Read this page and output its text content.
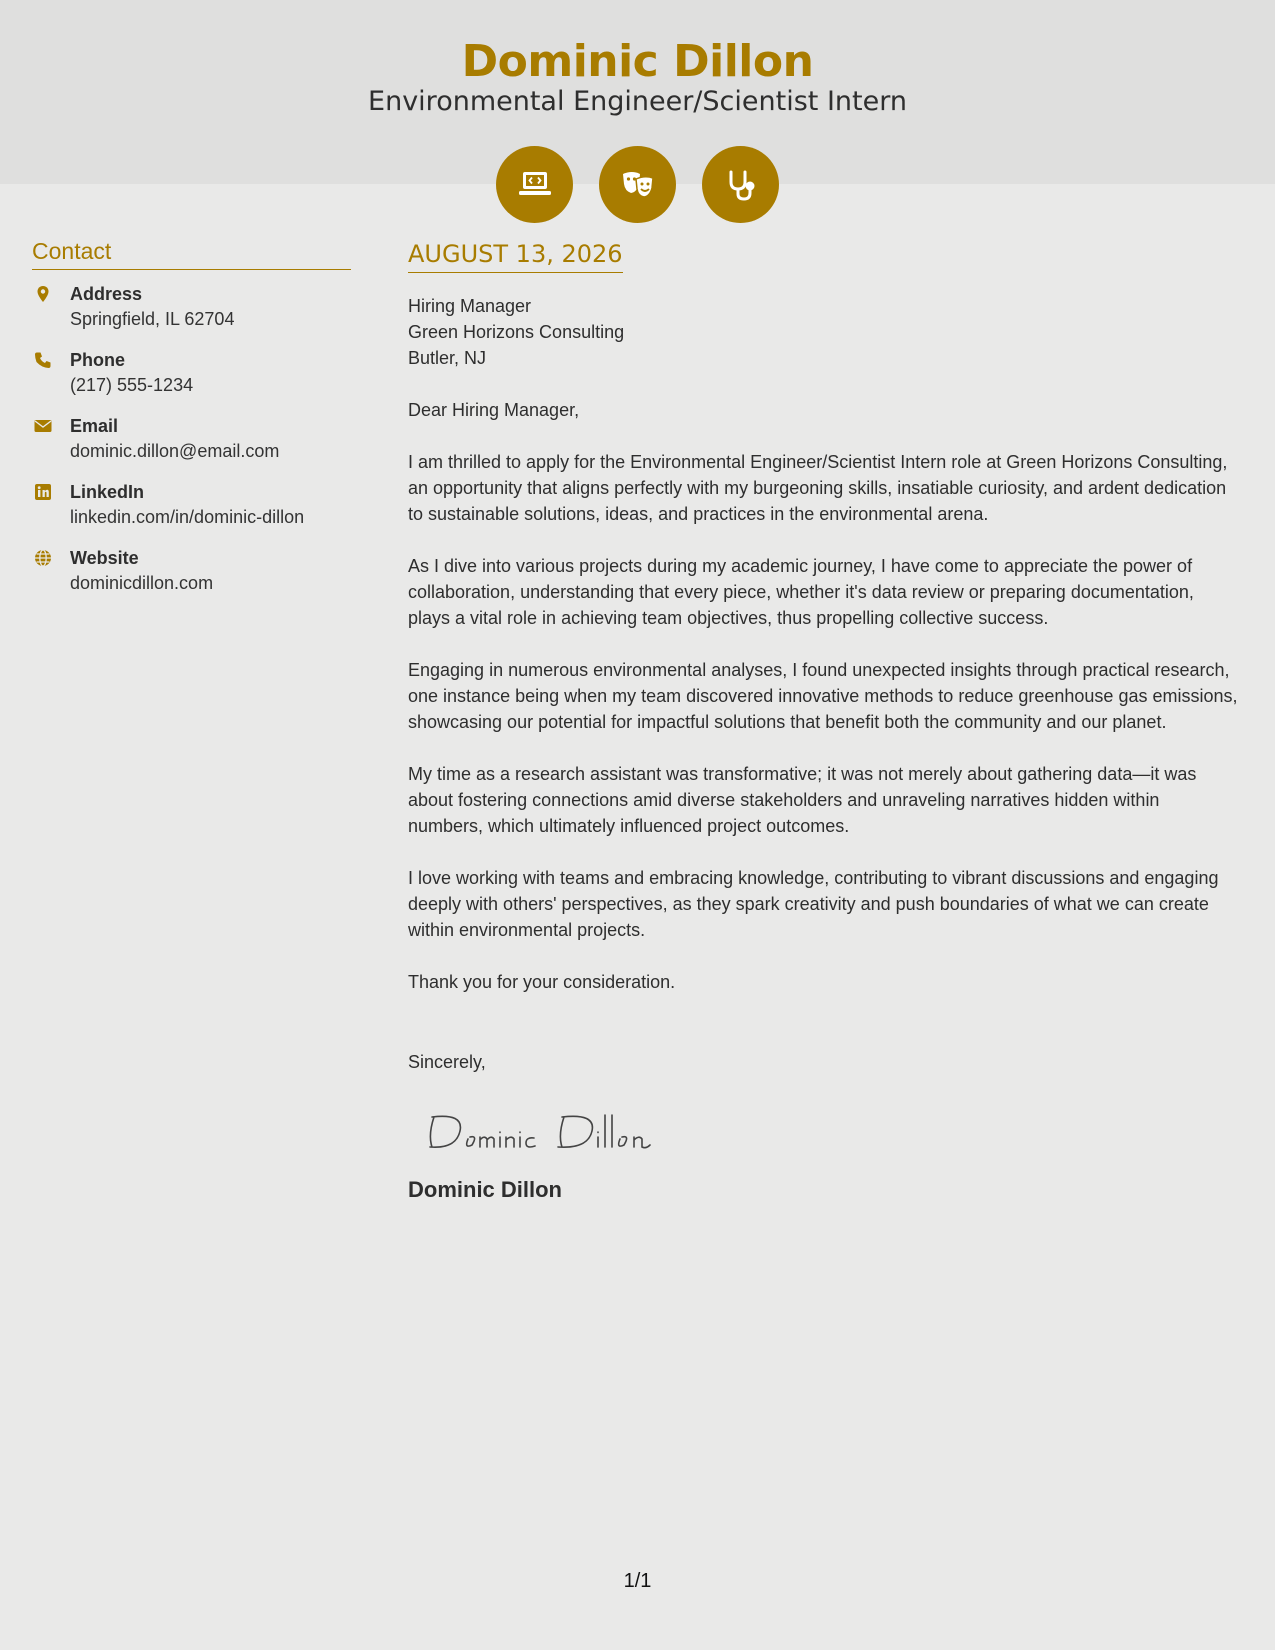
Dominic Dillon
Environmental Engineer/Scientist Intern
Contact
Address
Springfield, IL 62704
Phone
(217) 555-1234
Email
dominic.dillon@email.com
LinkedIn
linkedin.com/in/dominic-dillon
Website
dominicdillon.com
AUGUST 13, 2026
Hiring Manager
Green Horizons Consulting
Butler, NJ
Dear Hiring Manager,
I am thrilled to apply for the Environmental Engineer/Scientist Intern role at Green Horizons Consulting, an opportunity that aligns perfectly with my burgeoning skills, insatiable curiosity, and ardent dedication to sustainable solutions, ideas, and practices in the environmental arena.
As I dive into various projects during my academic journey, I have come to appreciate the power of collaboration, understanding that every piece, whether it's data review or preparing documentation, plays a vital role in achieving team objectives, thus propelling collective success.
Engaging in numerous environmental analyses, I found unexpected insights through practical research, one instance being when my team discovered innovative methods to reduce greenhouse gas emissions, showcasing our potential for impactful solutions that benefit both the community and our planet.
My time as a research assistant was transformative; it was not merely about gathering data—it was about fostering connections amid diverse stakeholders and unraveling narratives hidden within numbers, which ultimately influenced project outcomes.
I love working with teams and embracing knowledge, contributing to vibrant discussions and engaging deeply with others' perspectives, as they spark creativity and push boundaries of what we can create within environmental projects.
Thank you for your consideration.
Sincerely,
Dominic Dillon
1/1
